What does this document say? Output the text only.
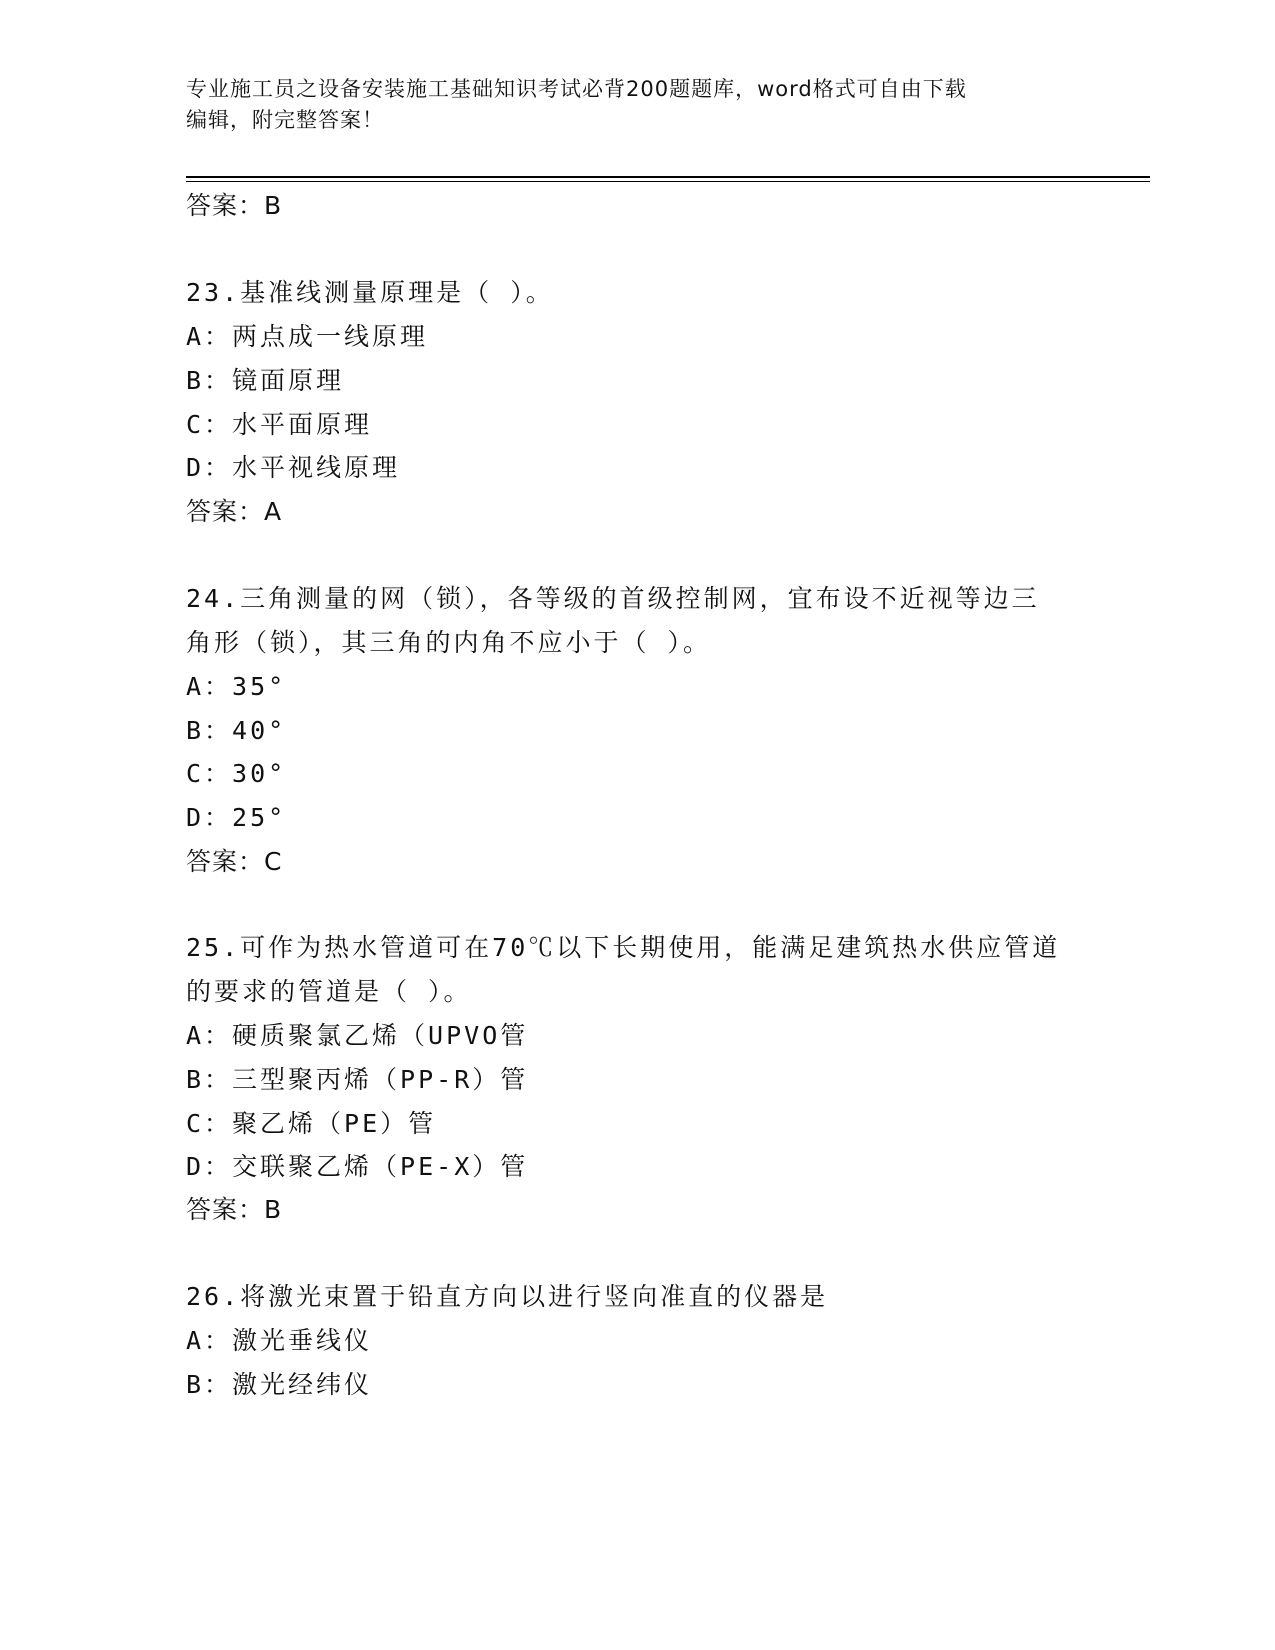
专业施工员之设备安装施工基础知识考试必背200题题库，word格式可自由下载
编辑，附完整答案！
答案：B
23.基准线测量原理是（ ）。
A：两点成一线原理
B：镜面原理
C：水平面原理
D：水平视线原理
答案：A
24.三角测量的网（锁），各等级的首级控制网，宜布设不近视等边三
角形（锁），其三角的内角不应小于（ ）。
A：35°
B：40°
C：30°
D：25°
答案：C
25.可作为热水管道可在70℃以下长期使用，能满足建筑热水供应管道
的要求的管道是（ ）。
A：硬质聚氯乙烯（UPVO管
B：三型聚丙烯（PP-R）管
C：聚乙烯（PE）管
D：交联聚乙烯（PE-X）管
答案：B
26.将激光束置于铅直方向以进行竖向准直的仪器是
A：激光垂线仪
B：激光经纬仪
